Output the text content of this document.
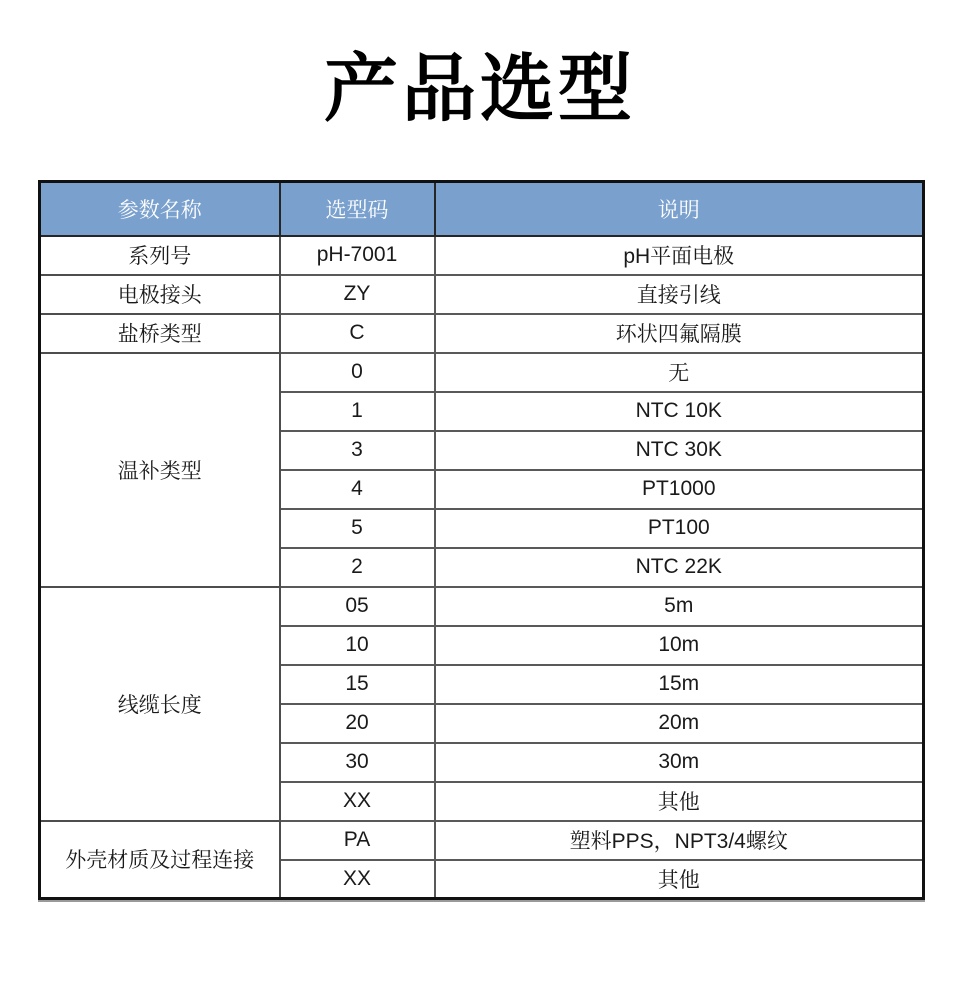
产品选型
参数名称	选型码	说明
系列号	pH-7001	pH平面电极
电极接头	ZY	直接引线
盐桥类型	C	环状四氟隔膜
温补类型	0	无
	1	NTC 10K
	3	NTC 30K
	4	PT1000
	5	PT100
	2	NTC 22K
线缆长度	05	5m
	10	10m
	15	15m
	20	20m
	30	30m
	XX	其他
外壳材质及过程连接	PA	塑料PPS，NPT3/4螺纹
	XX	其他
